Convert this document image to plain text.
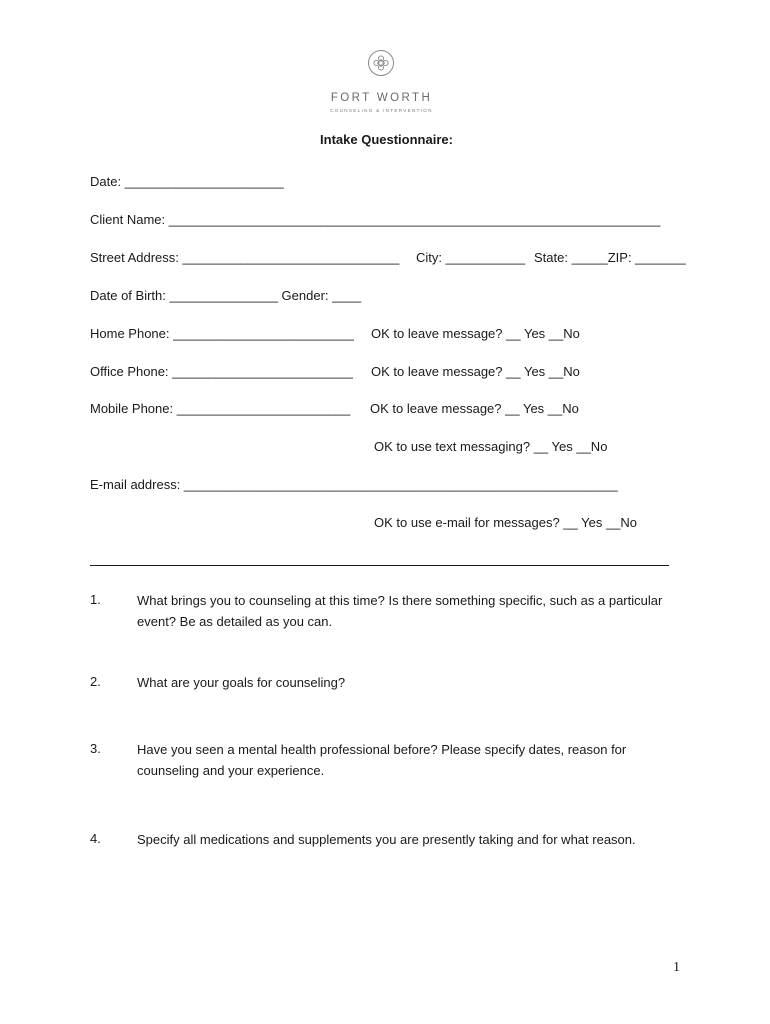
FORT WORTH
COUNSELING & INTERVENTION
Intake Questionnaire:
Date: ______________________
Client Name: ____________________________________________________________________
Street Address: ______________________________ City: ___________ State: _____ZIP: _______
Date of Birth: _______________ Gender: ____
Home Phone: _________________________ OK to leave message? __ Yes __No
Office Phone: _________________________ OK to leave message? __ Yes __No
Mobile Phone: ________________________ OK to leave message? __ Yes __No
OK to use text messaging? __ Yes __No
E-mail address: ____________________________________________________________
OK to use e-mail for messages? __ Yes __No
1.	What brings you to counseling at this time? Is there something specific, such as a particular event? Be as detailed as you can.
2.	What are your goals for counseling?
3.	Have you seen a mental health professional before? Please specify dates, reason for counseling and your experience.
4.	Specify all medications and supplements you are presently taking and for what reason.
1
